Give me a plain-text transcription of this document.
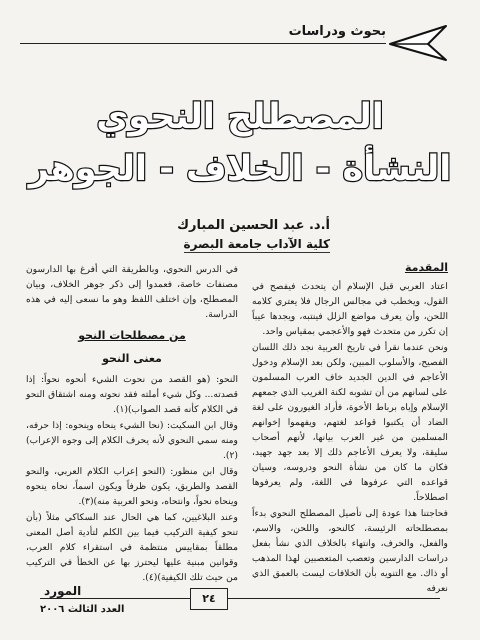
بحوث ودراسات
المصطلح النحوي
النشأة - الخلاف - الجوهر
أ.د. عبد الحسين المبارك
كلية الآداب جامعة البصرة
المقدمة

اعتاد العربي قبل الإسلام أن يتحدث فيفصح في القول، ويخطب في مجالس الرجال فلا يعتري كلامه اللحن، وأن يعرف مواضع الزلل فينتبه، ويجدها عيباً إن تكرر من متحدث فهو والأعجمي بمقياس واحد.

ونحن عندما نقرأ في تاريخ العربية نجد ذلك اللسان الفصيح، والأسلوب المبين، ولكن بعد الإسلام ودخول الأعاجم في الدين الجديد خاف العرب المسلمون على لسانهم من أن تشوبه لكنة الغريب الذي جمعهم الإسلام وإياه برباط الأخوة، فأراد الغيورون على لغة الضاد أن يكتبوا قواعد لغتهم، ويفهموا إخوانهم المسلمين من غير العرب بيانها، لأنهم أصحاب سليقة، ولا يعرف الأعاجم ذلك إلا بعد جهد جهيد، فكان ما كان من نشأة النحو ودروسه، وسيان قواعده التي عرفوها في اللغة، ولم يعرفوها اصطلاحاً.

فحاجتنا هذا عودة إلى تأصيل المصطلح النحوي بدءاً بمصطلحاته الرئيسة، كالنحو، واللحن، والاسم، والفعل، والحرف، وانتهاء بالخلاف الذي نشأ بفعل دراسات الدارسين وتعصب المتعصبين لهذا المذهب أو ذاك. مع التنويه بأن الخلافات ليست بالعمق الذي نعرفه

في الدرس النحوي، وبالطريقة التي أفرغ بها الدارسون مصنفات خاصة، فعمدوا إلى ذكر جوهر الخلاف، وبيان المصطلح، وإن اختلف اللفظ وهو ما نسعى إليه في هذه الدراسة.

من مصطلحات النحو
معنى النحو

النحو: (هو القصد من نحوت الشيء أنحوه نحواً: إذا قصدته... وكل شيء أملته فقد نحوته ومنه اشتقاق النحو في الكلام كأنه قصد الصواب)(١).

وقال ابن السكيت: (نحا الشيء ينحاه وينحوه: إذا حرفه، ومنه سمي النحوي لأنه يحرف الكلام إلى وجوه الإعراب)(٢).

وقال ابن منظور: (النحو إعراب الكلام العربي، والنحو القصد والطريق، يكون ظرفاً ويكون اسماً، نحاه ينحوه وينحاه نحواً، وانتحاه، ونحو العربية منه)(٣).

وعند البلاغيين، كما هي الحال عند السكاكي مثلاً (بأن تنحو كيفية التركيب فيما بين الكلم لتأدية أصل المعنى مطلقاً بمقاييس منتظمة في استقراء كلام العرب، وقوانين مبنية عليها ليحترز بها عن الخطأ في التركيب من حيث تلك الكيفية)(٤).

المورد
العدد الثالث ٢٠٠٦
٢٤
